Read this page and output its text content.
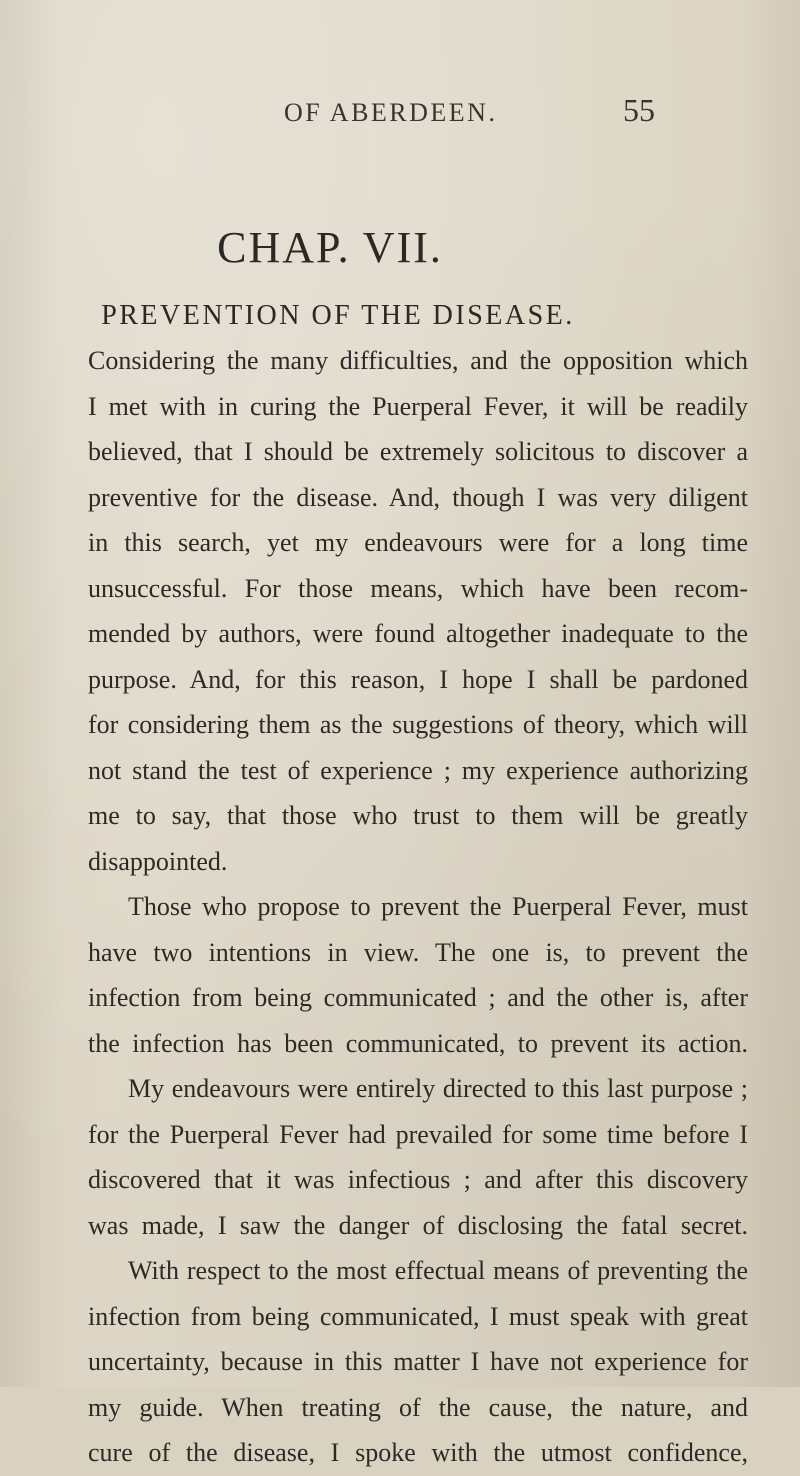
OF ABERDEEN.	55
CHAP. VII.
PREVENTION OF THE DISEASE.
Considering the many difficulties, and the opposition which
I met with in curing the Puerperal Fever, it will be readily
believed, that I should be extremely solicitous to discover a
preventive for the disease. And, though I was very diligent
in this search, yet my endeavours were for a long time
unsuccessful. For those means, which have been recom-
mended by authors, were found altogether inadequate to the
purpose. And, for this reason, I hope I shall be pardoned
for considering them as the suggestions of theory, which will
not stand the test of experience ; my experience authorizing
me to say, that those who trust to them will be greatly
disappointed.
Those who propose to prevent the Puerperal Fever, must
have two intentions in view. The one is, to prevent the
infection from being communicated ; and the other is, after
the infection has been communicated, to prevent its action.
My endeavours were entirely directed to this last purpose ;
for the Puerperal Fever had prevailed for some time before I
discovered that it was infectious ; and after this discovery
was made, I saw the danger of disclosing the fatal secret.
With respect to the most effectual means of preventing the
infection from being communicated, I must speak with great
uncertainty, because in this matter I have not experience for
my guide. When treating of the cause, the nature, and
cure of the disease, I spoke with the utmost confidence,
